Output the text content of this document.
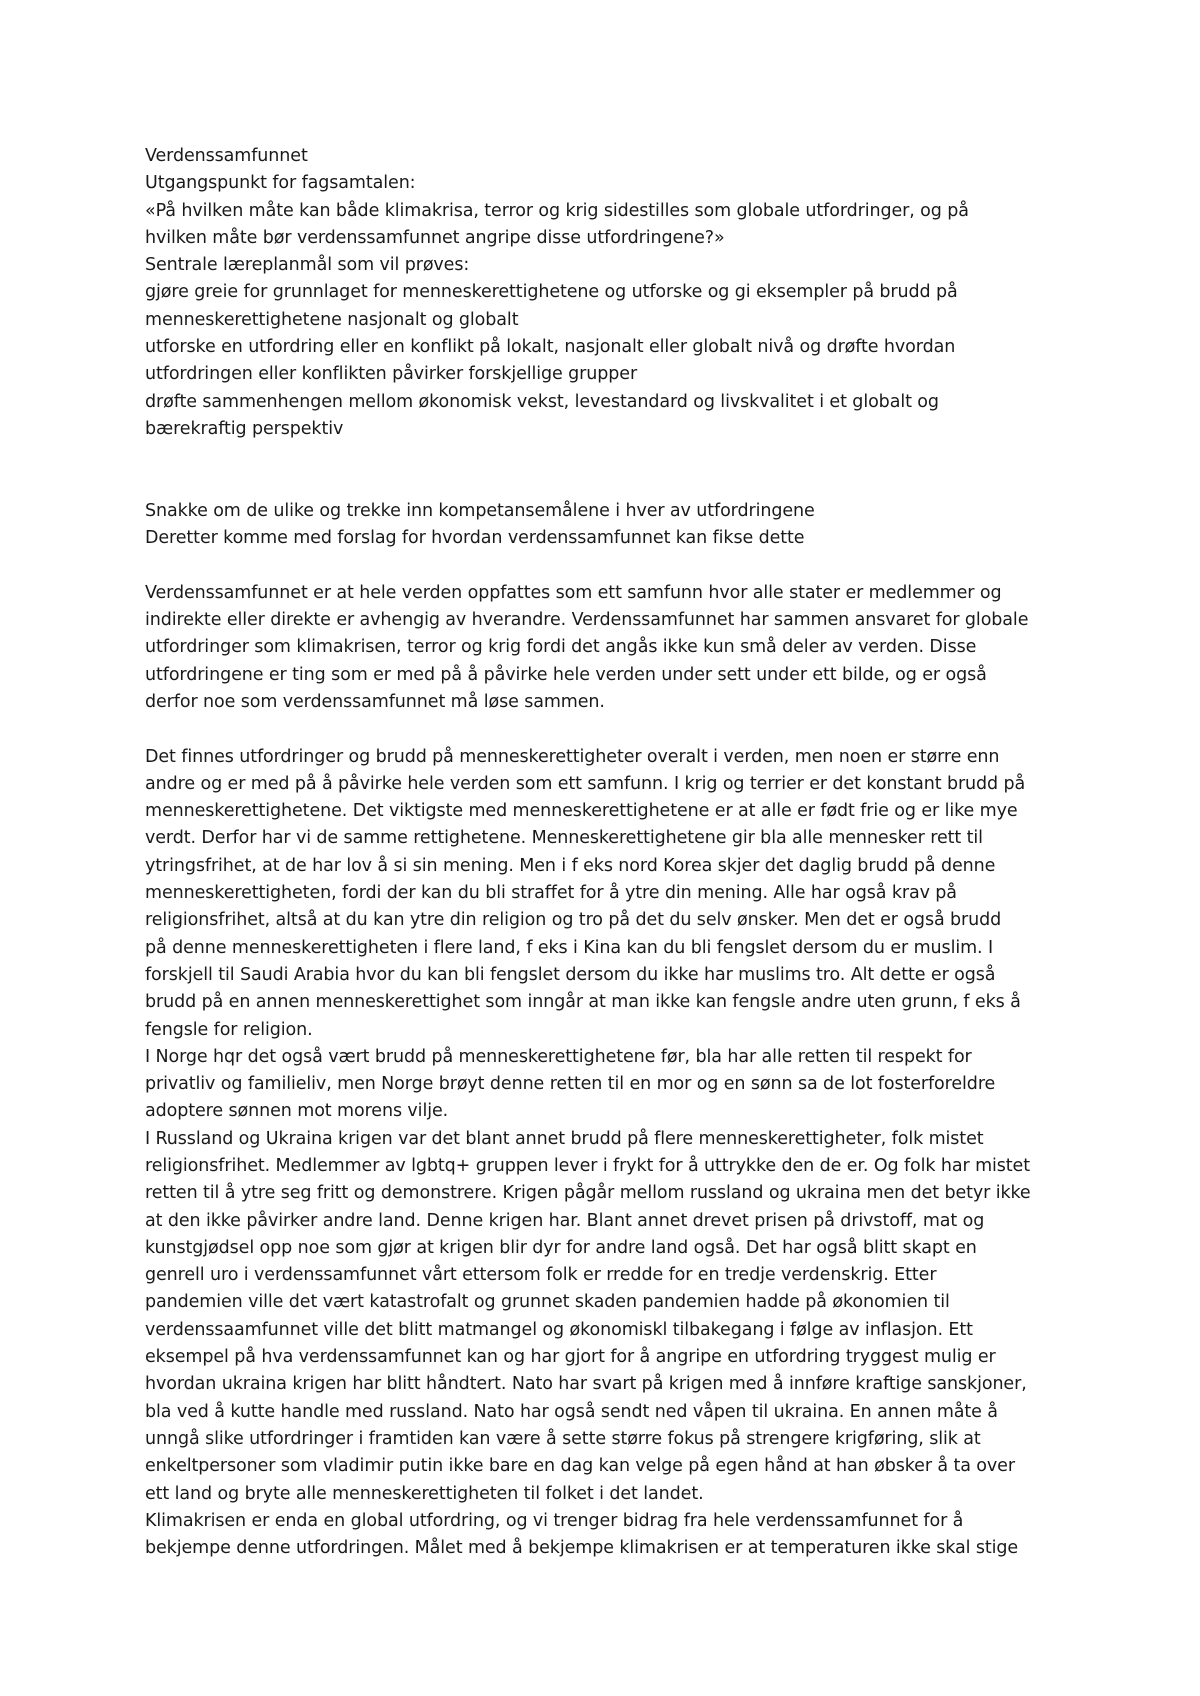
Verdenssamfunnet
Utgangspunkt for fagsamtalen:
«På hvilken måte kan både klimakrisa, terror og krig sidestilles som globale utfordringer, og på
hvilken måte bør verdenssamfunnet angripe disse utfordringene?»
Sentrale læreplanmål som vil prøves:
gjøre greie for grunnlaget for menneskerettighetene og utforske og gi eksempler på brudd på
menneskerettighetene nasjonalt og globalt
utforske en utfordring eller en konflikt på lokalt, nasjonalt eller globalt nivå og drøfte hvordan
utfordringen eller konflikten påvirker forskjellige grupper
drøfte sammenhengen mellom økonomisk vekst, levestandard og livskvalitet i et globalt og
bærekraftig perspektiv
Snakke om de ulike og trekke inn kompetansemålene i hver av utfordringene
Deretter komme med forslag for hvordan verdenssamfunnet kan fikse dette
Verdenssamfunnet er at hele verden oppfattes som ett samfunn hvor alle stater er medlemmer og
indirekte eller direkte er avhengig av hverandre. Verdenssamfunnet har sammen ansvaret for globale
utfordringer som klimakrisen, terror og krig fordi det angås ikke kun små deler av verden. Disse
utfordringene er ting som er med på å påvirke hele verden under sett under ett bilde, og er også
derfor noe som verdenssamfunnet må løse sammen.
Det finnes utfordringer og brudd på menneskerettigheter overalt i verden, men noen er større enn
andre og er med på å påvirke hele verden som ett samfunn. I krig og terrier er det konstant brudd på
menneskerettighetene. Det viktigste med menneskerettighetene er at alle er født frie og er like mye
verdt. Derfor har vi de samme rettighetene. Menneskerettighetene gir bla alle mennesker rett til
ytringsfrihet, at de har lov å si sin mening. Men i f eks nord Korea skjer det daglig brudd på denne
menneskerettigheten, fordi der kan du bli straffet for å ytre din mening. Alle har også krav på
religionsfrihet, altså at du kan ytre din religion og tro på det du selv ønsker. Men det er også brudd
på denne menneskerettigheten i flere land, f eks i Kina kan du bli fengslet dersom du er muslim. I
forskjell til Saudi Arabia hvor du kan bli fengslet dersom du ikke har muslims tro. Alt dette er også
brudd på en annen menneskerettighet som inngår at man ikke kan fengsle andre uten grunn, f eks å
fengsle for religion.
I Norge hqr det også vært brudd på menneskerettighetene før, bla har alle retten til respekt for
privatliv og familieliv, men Norge brøyt denne retten til en mor og en sønn sa de lot fosterforeldre
adoptere sønnen mot morens vilje.
I Russland og Ukraina krigen var det blant annet brudd på flere menneskerettigheter, folk mistet
religionsfrihet. Medlemmer av lgbtq+ gruppen lever i frykt for å uttrykke den de er. Og folk har mistet
retten til å ytre seg fritt og demonstrere. Krigen pågår mellom russland og ukraina men det betyr ikke
at den ikke påvirker andre land. Denne krigen har. Blant annet drevet prisen på drivstoff, mat og
kunstgjødsel opp noe som gjør at krigen blir dyr for andre land også. Det har også blitt skapt en
genrell uro i verdenssamfunnet vårt ettersom folk er rredde for en tredje verdenskrig. Etter
pandemien ville det vært katastrofalt og grunnet skaden pandemien hadde på økonomien til
verdenssaamfunnet ville det blitt matmangel og økonomiskl tilbakegang i følge av inflasjon. Ett
eksempel på hva verdenssamfunnet kan og har gjort for å angripe en utfordring tryggest mulig er
hvordan ukraina krigen har blitt håndtert. Nato har svart på krigen med å innføre kraftige sanskjoner,
bla ved å kutte handle med russland. Nato har også sendt ned våpen til ukraina. En annen måte å
unngå slike utfordringer i framtiden kan være å sette større fokus på strengere krigføring, slik at
enkeltpersoner som vladimir putin ikke bare en dag kan velge på egen hånd at han øbsker å ta over
ett land og bryte alle menneskerettigheten til folket i det landet.
Klimakrisen er enda en global utfordring, og vi trenger bidrag fra hele verdenssamfunnet for å
bekjempe denne utfordringen. Målet med å bekjempe klimakrisen er at temperaturen ikke skal stige
